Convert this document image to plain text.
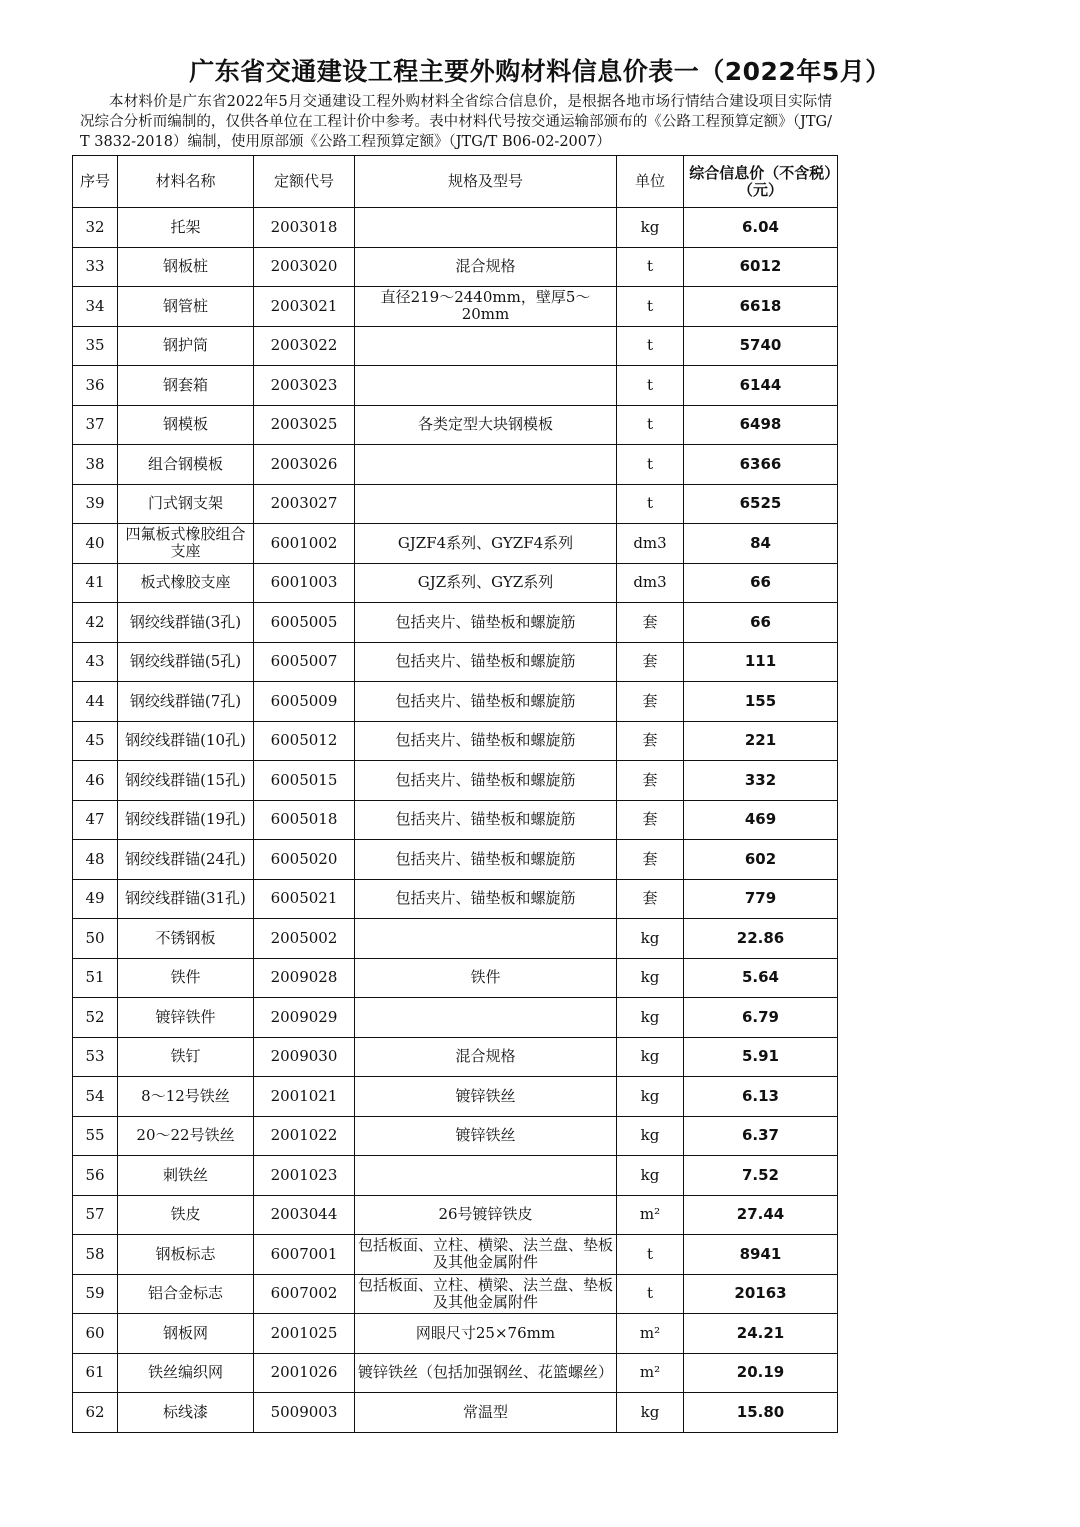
广东省交通建设工程主要外购材料信息价表一（2022年5月）
本材料价是广东省2022年5月交通建设工程外购材料全省综合信息价，是根据各地市场行情结合建设项目实际情况综合分析而编制的，仅供各单位在工程计价中参考。表中材料代号按交通运输部颁布的《公路工程预算定额》（JTG/T 3832-2018）编制，使用原部颁《公路工程预算定额》（JTG/T B06-02-2007）
序号	材料名称	定额代号	规格及型号	单位	综合信息价（不含税）（元）
32	托架	2003018		kg	6.04
33	钢板桩	2003020	混合规格	t	6012
34	钢管桩	2003021	直径219～2440mm，壁厚5～20mm	t	6618
35	钢护筒	2003022		t	5740
36	钢套箱	2003023		t	6144
37	钢模板	2003025	各类定型大块钢模板	t	6498
38	组合钢模板	2003026		t	6366
39	门式钢支架	2003027		t	6525
40	四氟板式橡胶组合支座	6001002	GJZF4系列、GYZF4系列	dm3	84
41	板式橡胶支座	6001003	GJZ系列、GYZ系列	dm3	66
42	钢绞线群锚(3孔)	6005005	包括夹片、锚垫板和螺旋筋	套	66
43	钢绞线群锚(5孔)	6005007	包括夹片、锚垫板和螺旋筋	套	111
44	钢绞线群锚(7孔)	6005009	包括夹片、锚垫板和螺旋筋	套	155
45	钢绞线群锚(10孔)	6005012	包括夹片、锚垫板和螺旋筋	套	221
46	钢绞线群锚(15孔)	6005015	包括夹片、锚垫板和螺旋筋	套	332
47	钢绞线群锚(19孔)	6005018	包括夹片、锚垫板和螺旋筋	套	469
48	钢绞线群锚(24孔)	6005020	包括夹片、锚垫板和螺旋筋	套	602
49	钢绞线群锚(31孔)	6005021	包括夹片、锚垫板和螺旋筋	套	779
50	不锈钢板	2005002		kg	22.86
51	铁件	2009028	铁件	kg	5.64
52	镀锌铁件	2009029		kg	6.79
53	铁钉	2009030	混合规格	kg	5.91
54	8～12号铁丝	2001021	镀锌铁丝	kg	6.13
55	20～22号铁丝	2001022	镀锌铁丝	kg	6.37
56	刺铁丝	2001023		kg	7.52
57	铁皮	2003044	26号镀锌铁皮	m²	27.44
58	钢板标志	6007001	包括板面、立柱、横梁、法兰盘、垫板及其他金属附件	t	8941
59	铝合金标志	6007002	包括板面、立柱、横梁、法兰盘、垫板及其他金属附件	t	20163
60	钢板网	2001025	网眼尺寸25×76mm	m²	24.21
61	铁丝编织网	2001026	镀锌铁丝（包括加强钢丝、花篮螺丝）	m²	20.19
62	标线漆	5009003	常温型	kg	15.80
